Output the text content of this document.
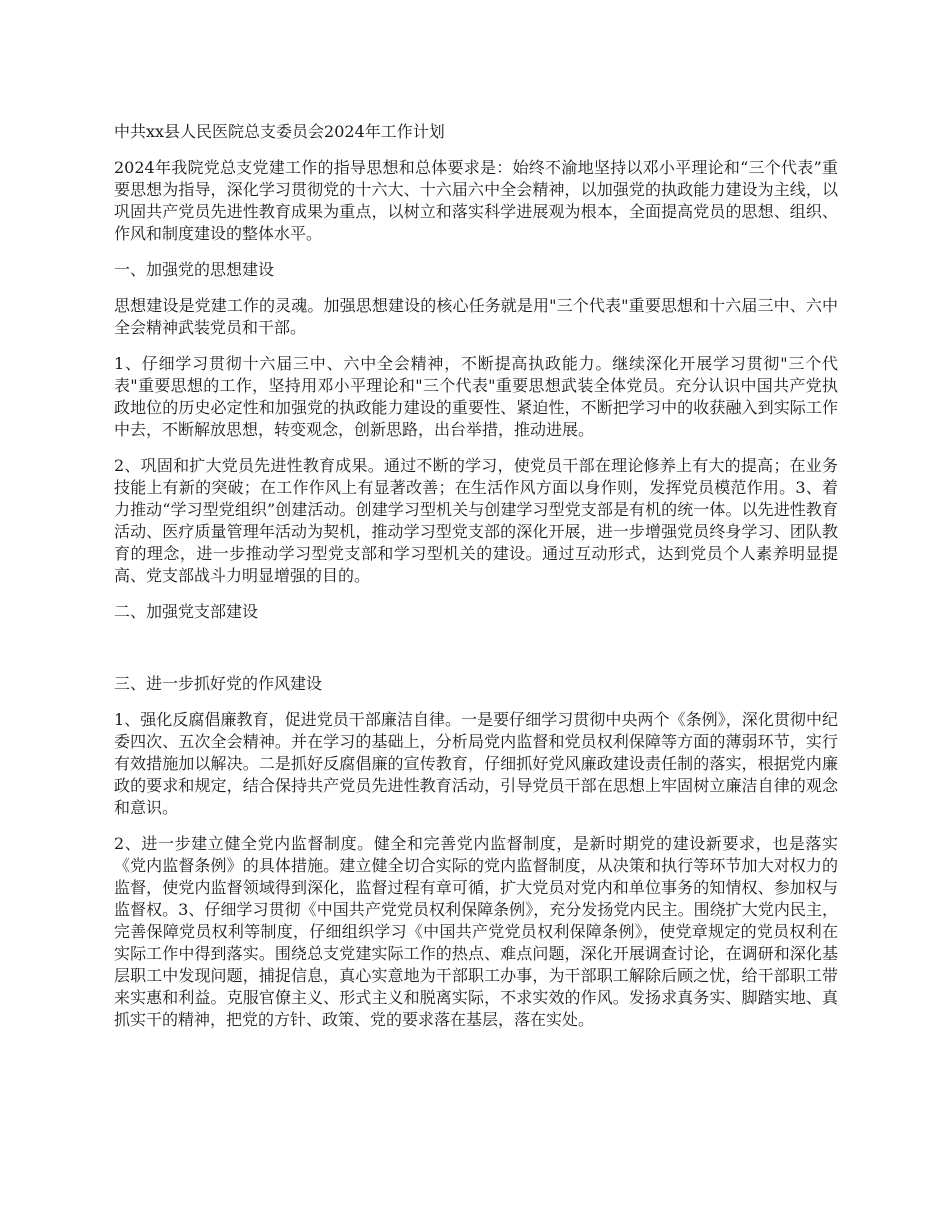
中共xx县人民医院总支委员会2024年工作计划

2024年我院党总支党建工作的指导思想和总体要求是：始终不渝地坚持以邓小平理论和“三个代表”重要思想为指导，深化学习贯彻党的十六大、十六届六中全会精神，以加强党的执政能力建设为主线，以巩固共产党员先进性教育成果为重点，以树立和落实科学进展观为根本，全面提高党员的思想、组织、作风和制度建设的整体水平。

一、加强党的思想建设

思想建设是党建工作的灵魂。加强思想建设的核心任务就是用"三个代表"重要思想和十六届三中、六中全会精神武装党员和干部。

1、仔细学习贯彻十六届三中、六中全会精神，不断提高执政能力。继续深化开展学习贯彻"三个代表"重要思想的工作，坚持用邓小平理论和"三个代表"重要思想武装全体党员。充分认识中国共产党执政地位的历史必定性和加强党的执政能力建设的重要性、紧迫性，不断把学习中的收获融入到实际工作中去，不断解放思想，转变观念，创新思路，出台举措，推动进展。

2、巩固和扩大党员先进性教育成果。通过不断的学习，使党员干部在理论修养上有大的提高；在业务技能上有新的突破；在工作作风上有显著改善；在生活作风方面以身作则，发挥党员模范作用。3、着力推动“学习型党组织”创建活动。创建学习型机关与创建学习型党支部是有机的统一体。以先进性教育活动、医疗质量管理年活动为契机，推动学习型党支部的深化开展，进一步增强党员终身学习、团队教育的理念，进一步推动学习型党支部和学习型机关的建设。通过互动形式，达到党员个人素养明显提高、党支部战斗力明显增强的目的。

二、加强党支部建设
三、进一步抓好党的作风建设

1、强化反腐倡廉教育，促进党员干部廉洁自律。一是要仔细学习贯彻中央两个《条例》，深化贯彻中纪委四次、五次全会精神。并在学习的基础上，分析局党内监督和党员权利保障等方面的薄弱环节，实行有效措施加以解决。二是抓好反腐倡廉的宣传教育，仔细抓好党风廉政建设责任制的落实，根据党内廉政的要求和规定，结合保持共产党员先进性教育活动，引导党员干部在思想上牢固树立廉洁自律的观念和意识。

2、进一步建立健全党内监督制度。健全和完善党内监督制度，是新时期党的建设新要求，也是落实《党内监督条例》的具体措施。建立健全切合实际的党内监督制度，从决策和执行等环节加大对权力的监督，使党内监督领域得到深化，监督过程有章可循，扩大党员对党内和单位事务的知情权、参加权与监督权。3、仔细学习贯彻《中国共产党党员权利保障条例》，充分发扬党内民主。围绕扩大党内民主，完善保障党员权利等制度，仔细组织学习《中国共产党党员权利保障条例》，使党章规定的党员权利在实际工作中得到落实。围绕总支党建实际工作的热点、难点问题，深化开展调查讨论，在调研和深化基层职工中发现问题，捕捉信息，真心实意地为干部职工办事，为干部职工解除后顾之忧，给干部职工带来实惠和利益。克服官僚主义、形式主义和脱离实际，不求实效的作风。发扬求真务实、脚踏实地、真抓实干的精神，把党的方针、政策、党的要求落在基层，落在实处。
